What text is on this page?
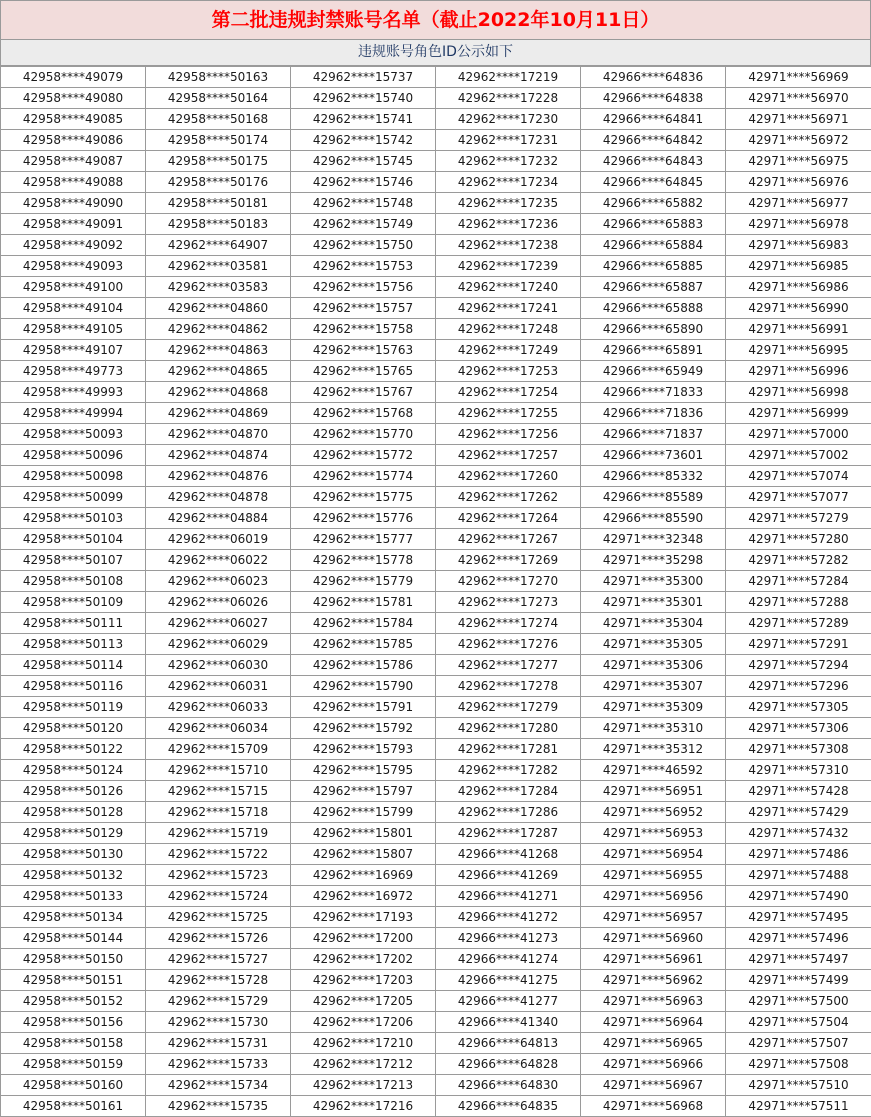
第二批违规封禁账号名单（截止2022年10月11日）
违规账号角色ID公示如下
42958****49079	42958****50163	42962****15737	42962****17219	42966****64836	42971****56969
42958****49080	42958****50164	42962****15740	42962****17228	42966****64838	42971****56970
42958****49085	42958****50168	42962****15741	42962****17230	42966****64841	42971****56971
42958****49086	42958****50174	42962****15742	42962****17231	42966****64842	42971****56972
42958****49087	42958****50175	42962****15745	42962****17232	42966****64843	42971****56975
42958****49088	42958****50176	42962****15746	42962****17234	42966****64845	42971****56976
42958****49090	42958****50181	42962****15748	42962****17235	42966****65882	42971****56977
42958****49091	42958****50183	42962****15749	42962****17236	42966****65883	42971****56978
42958****49092	42962****64907	42962****15750	42962****17238	42966****65884	42971****56983
42958****49093	42962****03581	42962****15753	42962****17239	42966****65885	42971****56985
42958****49100	42962****03583	42962****15756	42962****17240	42966****65887	42971****56986
42958****49104	42962****04860	42962****15757	42962****17241	42966****65888	42971****56990
42958****49105	42962****04862	42962****15758	42962****17248	42966****65890	42971****56991
42958****49107	42962****04863	42962****15763	42962****17249	42966****65891	42971****56995
42958****49773	42962****04865	42962****15765	42962****17253	42966****65949	42971****56996
42958****49993	42962****04868	42962****15767	42962****17254	42966****71833	42971****56998
42958****49994	42962****04869	42962****15768	42962****17255	42966****71836	42971****56999
42958****50093	42962****04870	42962****15770	42962****17256	42966****71837	42971****57000
42958****50096	42962****04874	42962****15772	42962****17257	42966****73601	42971****57002
42958****50098	42962****04876	42962****15774	42962****17260	42966****85332	42971****57074
42958****50099	42962****04878	42962****15775	42962****17262	42966****85589	42971****57077
42958****50103	42962****04884	42962****15776	42962****17264	42966****85590	42971****57279
42958****50104	42962****06019	42962****15777	42962****17267	42971****32348	42971****57280
42958****50107	42962****06022	42962****15778	42962****17269	42971****35298	42971****57282
42958****50108	42962****06023	42962****15779	42962****17270	42971****35300	42971****57284
42958****50109	42962****06026	42962****15781	42962****17273	42971****35301	42971****57288
42958****50111	42962****06027	42962****15784	42962****17274	42971****35304	42971****57289
42958****50113	42962****06029	42962****15785	42962****17276	42971****35305	42971****57291
42958****50114	42962****06030	42962****15786	42962****17277	42971****35306	42971****57294
42958****50116	42962****06031	42962****15790	42962****17278	42971****35307	42971****57296
42958****50119	42962****06033	42962****15791	42962****17279	42971****35309	42971****57305
42958****50120	42962****06034	42962****15792	42962****17280	42971****35310	42971****57306
42958****50122	42962****15709	42962****15793	42962****17281	42971****35312	42971****57308
42958****50124	42962****15710	42962****15795	42962****17282	42971****46592	42971****57310
42958****50126	42962****15715	42962****15797	42962****17284	42971****56951	42971****57428
42958****50128	42962****15718	42962****15799	42962****17286	42971****56952	42971****57429
42958****50129	42962****15719	42962****15801	42962****17287	42971****56953	42971****57432
42958****50130	42962****15722	42962****15807	42966****41268	42971****56954	42971****57486
42958****50132	42962****15723	42962****16969	42966****41269	42971****56955	42971****57488
42958****50133	42962****15724	42962****16972	42966****41271	42971****56956	42971****57490
42958****50134	42962****15725	42962****17193	42966****41272	42971****56957	42971****57495
42958****50144	42962****15726	42962****17200	42966****41273	42971****56960	42971****57496
42958****50150	42962****15727	42962****17202	42966****41274	42971****56961	42971****57497
42958****50151	42962****15728	42962****17203	42966****41275	42971****56962	42971****57499
42958****50152	42962****15729	42962****17205	42966****41277	42971****56963	42971****57500
42958****50156	42962****15730	42962****17206	42966****41340	42971****56964	42971****57504
42958****50158	42962****15731	42962****17210	42966****64813	42971****56965	42971****57507
42958****50159	42962****15733	42962****17212	42966****64828	42971****56966	42971****57508
42958****50160	42962****15734	42962****17213	42966****64830	42971****56967	42971****57510
42958****50161	42962****15735	42962****17216	42966****64835	42971****56968	42971****57511
